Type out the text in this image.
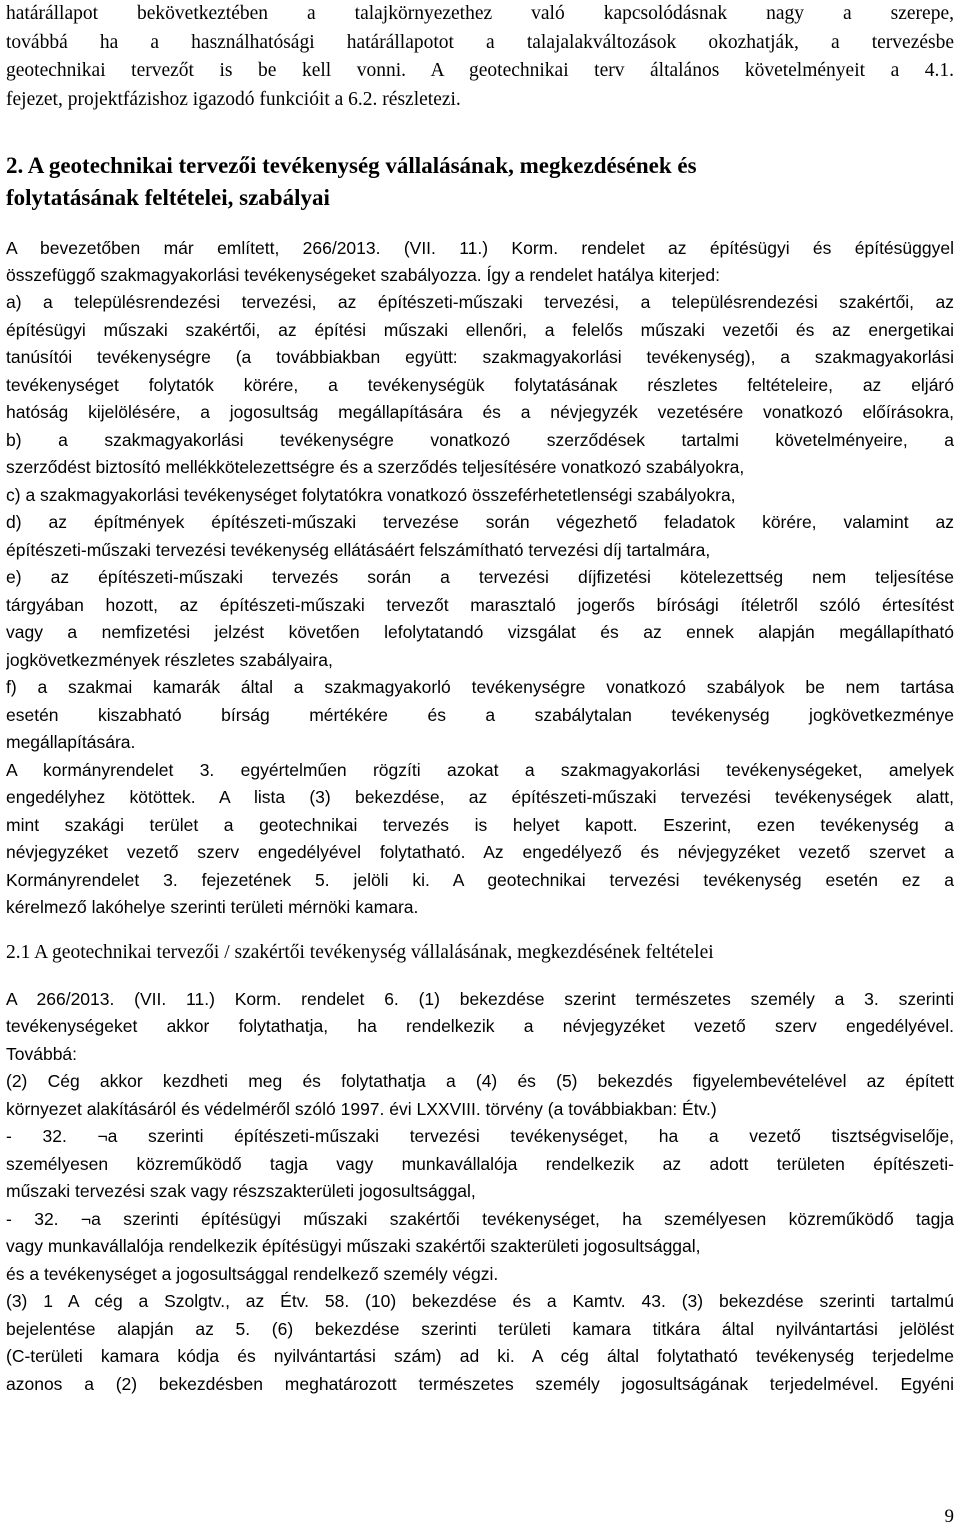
határállapot bekövetkeztében a talajkörnyezethez való kapcsolódásnak nagy a szerepe,
továbbá ha a használhatósági határállapotot a talajalakváltozások okozhatják, a tervezésbe
geotechnikai tervezőt is be kell vonni. A geotechnikai terv általános követelményeit a 4.1.
fejezet, projektfázishoz igazodó funkcióit a 6.2. részletezi.
2. A geotechnikai tervezői tevékenység vállalásának, megkezdésének és
folytatásának feltételei, szabályai
A bevezetőben már említett, 266/2013. (VII. 11.) Korm. rendelet az építésügyi és építésüggyel
összefüggő szakmagyakorlási tevékenységeket szabályozza. Így a rendelet hatálya kiterjed:
a) a településrendezési tervezési, az építészeti-műszaki tervezési, a településrendezési szakértői, az
építésügyi műszaki szakértői, az építési műszaki ellenőri, a felelős műszaki vezetői és az energetikai
tanúsítói tevékenységre (a továbbiakban együtt: szakmagyakorlási tevékenység), a szakmagyakorlási
tevékenységet folytatók körére, a tevékenységük folytatásának részletes feltételeire, az eljáró
hatóság kijelölésére, a jogosultság megállapítására és a névjegyzék vezetésére vonatkozó előírásokra,
b) a szakmagyakorlási tevékenységre vonatkozó szerződések tartalmi követelményeire, a
szerződést biztosító mellékkötelezettségre és a szerződés teljesítésére vonatkozó szabályokra,
c) a szakmagyakorlási tevékenységet folytatókra vonatkozó összeférhetetlenségi szabályokra,
d) az építmények építészeti-műszaki tervezése során végezhető feladatok körére, valamint az
építészeti-műszaki tervezési tevékenység ellátásáért felszámítható tervezési díj tartalmára,
e) az építészeti-műszaki tervezés során a tervezési díjfizetési kötelezettség nem teljesítése
tárgyában hozott, az építészeti-műszaki tervezőt marasztaló jogerős bírósági ítéletről szóló értesítést
vagy a nemfizetési jelzést követően lefolytatandó vizsgálat és az ennek alapján megállapítható
jogkövetkezmények részletes szabályaira,
f) a szakmai kamarák által a szakmagyakorló tevékenységre vonatkozó szabályok be nem tartása
esetén kiszabható bírság mértékére és a szabálytalan tevékenység jogkövetkezménye
megállapítására.
A kormányrendelet 3. egyértelműen rögzíti azokat a szakmagyakorlási tevékenységeket, amelyek
engedélyhez kötöttek. A lista (3) bekezdése, az építészeti-műszaki tervezési tevékenységek alatt,
mint szakági terület a geotechnikai tervezés is helyet kapott. Eszerint, ezen tevékenység a
névjegyzéket vezető szerv engedélyével folytatható. Az engedélyező és névjegyzéket vezető szervet a
Kormányrendelet 3. fejezetének 5. jelöli ki. A geotechnikai tervezési tevékenység esetén ez a
kérelmező lakóhelye szerinti területi mérnöki kamara.
2.1 A geotechnikai tervezői / szakértői tevékenység vállalásának, megkezdésének feltételei
A 266/2013. (VII. 11.) Korm. rendelet 6. (1) bekezdése szerint természetes személy a 3. szerinti
tevékenységeket akkor folytathatja, ha rendelkezik a névjegyzéket vezető szerv engedélyével.
Továbbá:
(2) Cég akkor kezdheti meg és folytathatja a (4) és (5) bekezdés figyelembevételével az épített
környezet alakításáról és védelméről szóló 1997. évi LXXVIII. törvény (a továbbiakban: Étv.)
- 32. ¬a szerinti építészeti-műszaki tervezési tevékenységet, ha a vezető tisztségviselője,
személyesen közreműködő tagja vagy munkavállalója rendelkezik az adott területen építészeti-
műszaki tervezési szak vagy részszakterületi jogosultsággal,
- 32. ¬a szerinti építésügyi műszaki szakértői tevékenységet, ha személyesen közreműködő tagja
vagy munkavállalója rendelkezik építésügyi műszaki szakértői szakterületi jogosultsággal,
és a tevékenységet a jogosultsággal rendelkező személy végzi.
(3) 1 A cég a Szolgtv., az Étv. 58. (10) bekezdése és a Kamtv. 43. (3) bekezdése szerinti tartalmú
bejelentése alapján az 5. (6) bekezdése szerinti területi kamara titkára által nyilvántartási jelölést
(C-területi kamara kódja és nyilvántartási szám) ad ki. A cég által folytatható tevékenység terjedelme
azonos a (2) bekezdésben meghatározott természetes személy jogosultságának terjedelmével. Egyéni
9
